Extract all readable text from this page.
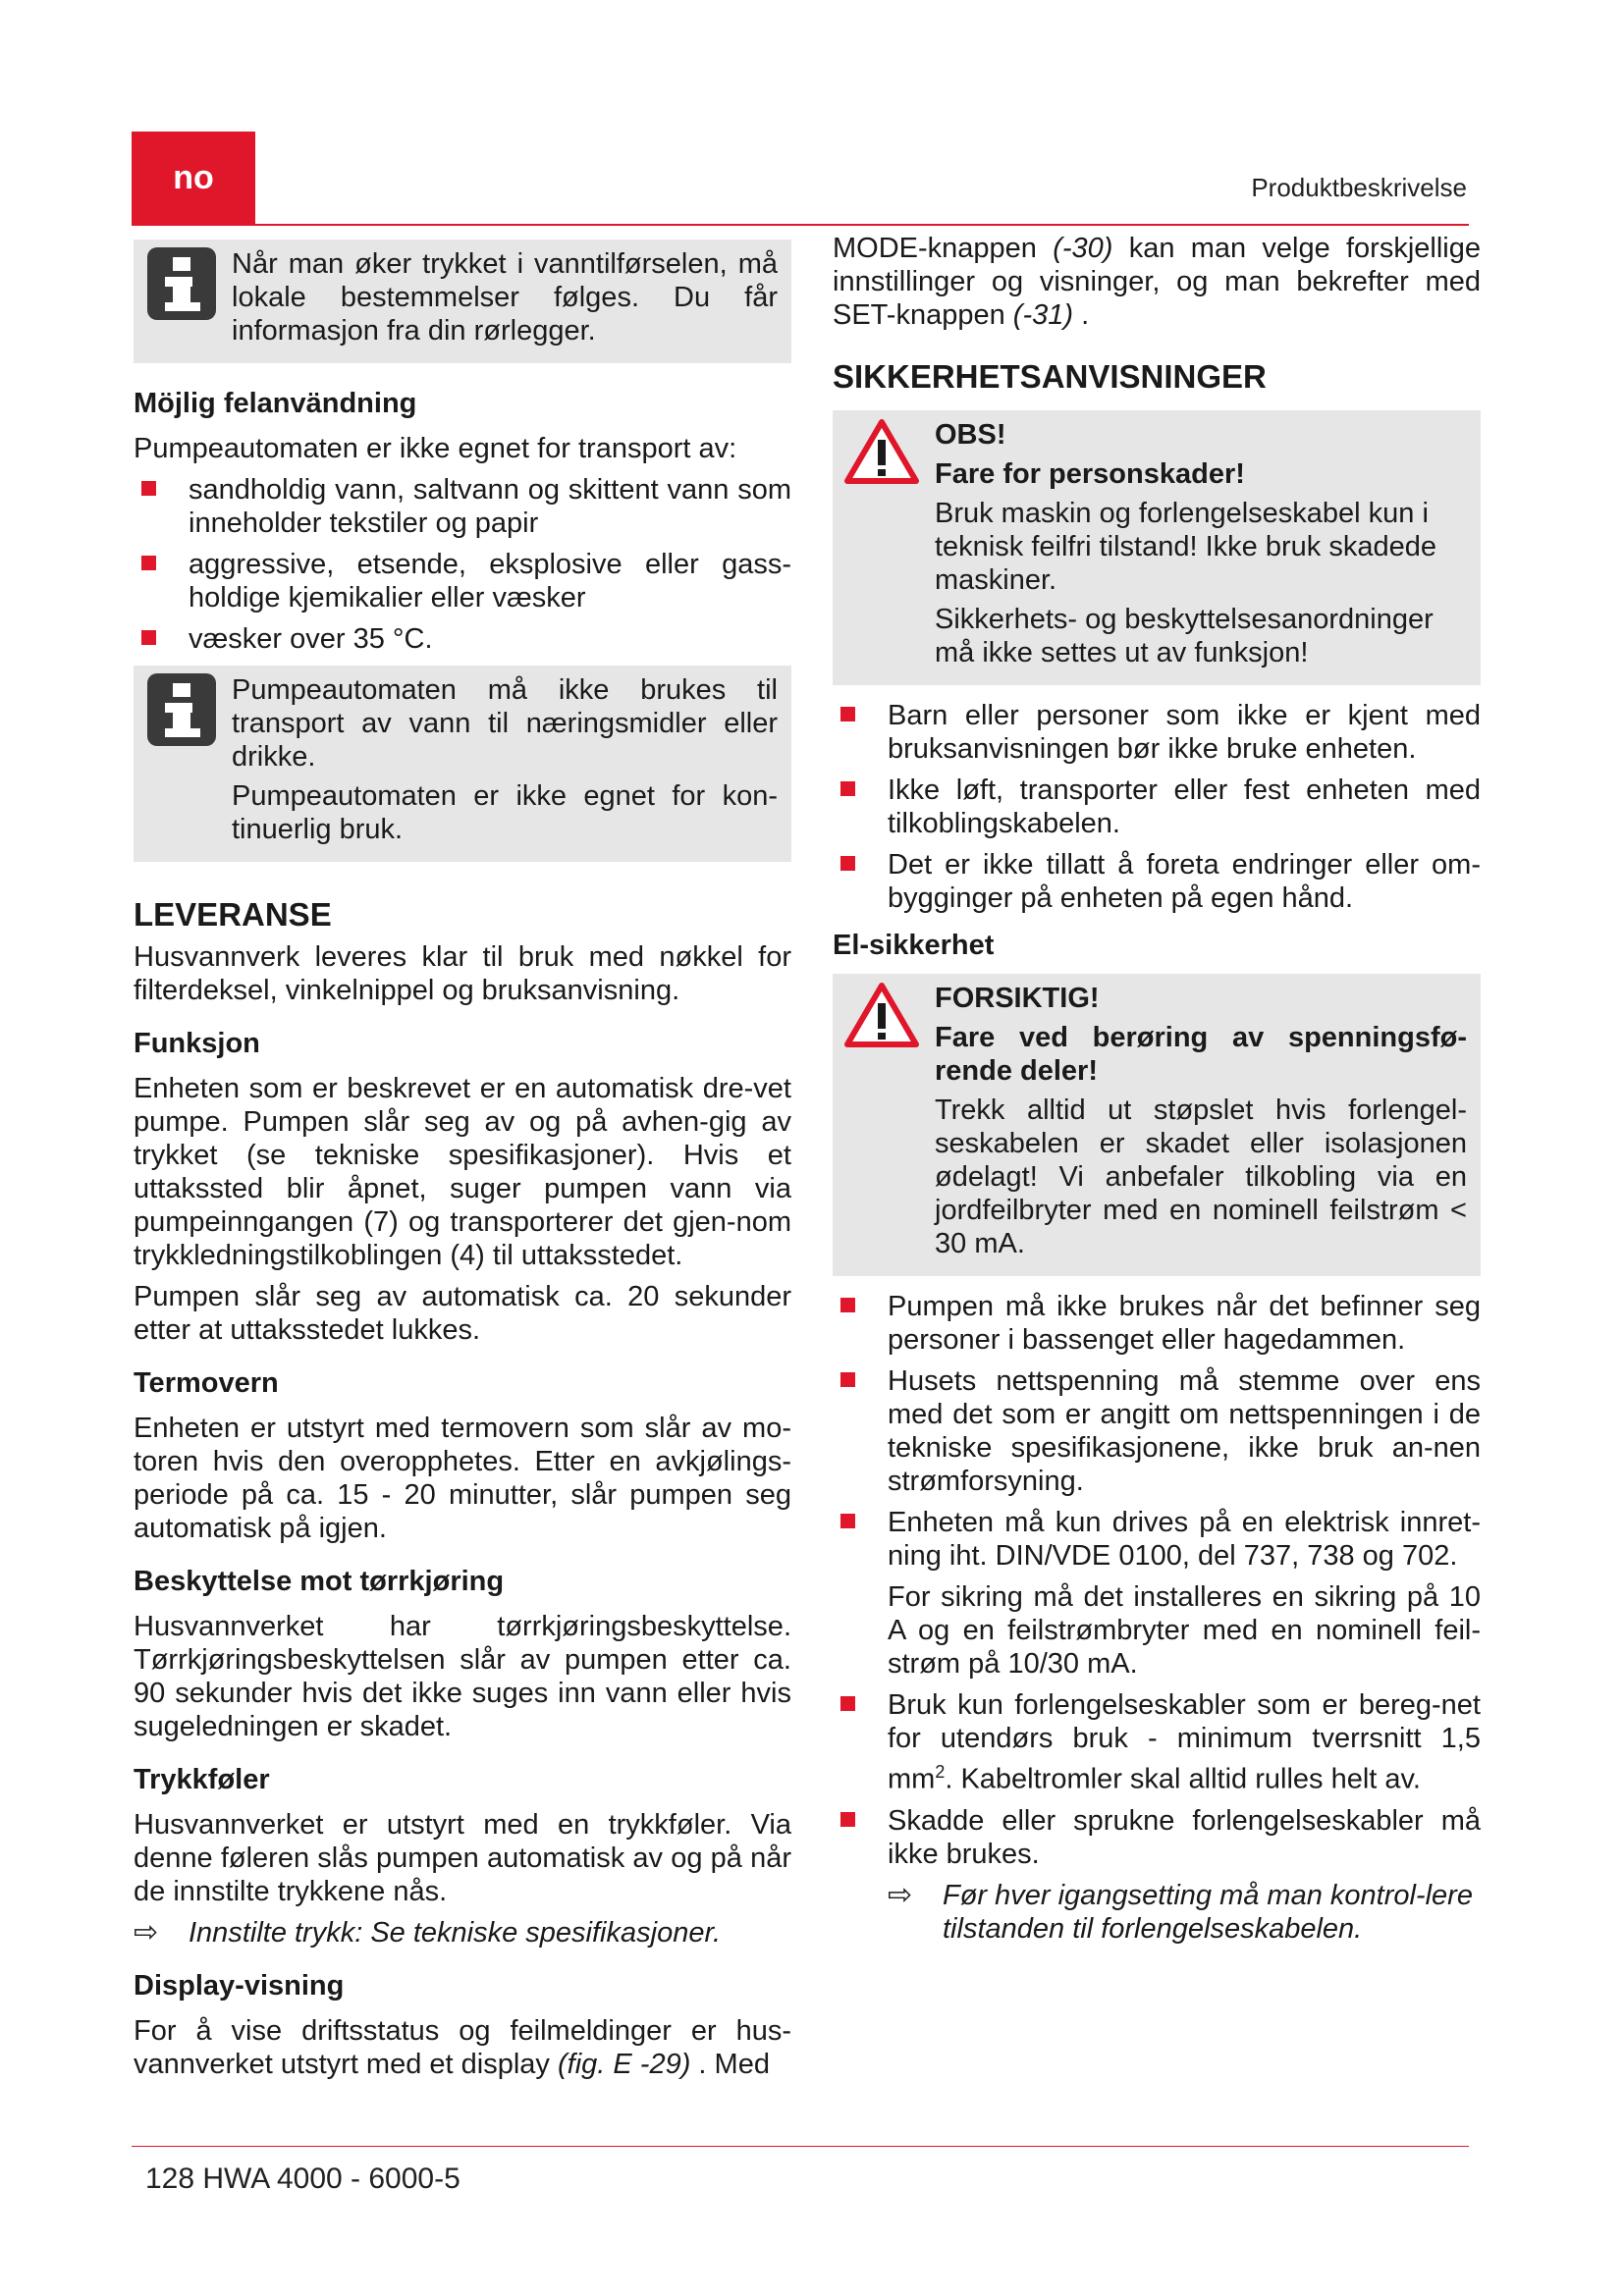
no	Produktbeskrivelse

Når man øker trykket i vanntilførselen, må lokale bestemmelser følges. Du får informasjon fra din rørlegger.

Möjlig felanvändning

Pumpeautomaten er ikke egnet for transport av:

sandholdig vann, saltvann og skittent vann som inneholder tekstiler og papir
aggressive, etsende, eksplosive eller gass-holdige kjemikalier eller væsker
væsker over 35 °C.

Pumpeautomaten må ikke brukes til transport av vann til næringsmidler eller drikke.

Pumpeautomaten er ikke egnet for kon-tinuerlig bruk.

LEVERANSE

Husvannverk leveres klar til bruk med nøkkel for filterdeksel, vinkelnippel og bruksanvisning.

Funksjon

Enheten som er beskrevet er en automatisk dre-vet pumpe. Pumpen slår seg av og på avhen-gig av trykket (se tekniske spesifikasjoner). Hvis et uttakssted blir åpnet, suger pumpen vann via pumpeinngangen (7) og transporterer det gjen-nom trykkledningstilkoblingen (4) til uttaksstedet.

Pumpen slår seg av automatisk ca. 20 sekunder etter at uttaksstedet lukkes.

Termovern

Enheten er utstyrt med termovern som slår av mo-toren hvis den overopphetes. Etter en avkjølings-periode på ca. 15 - 20 minutter, slår pumpen seg automatisk på igjen.

Beskyttelse mot tørrkjøring

Husvannverket har tørrkjøringsbeskyttelse. Tørrkjøringsbeskyttelsen slår av pumpen etter ca. 90 sekunder hvis det ikke suges inn vann eller hvis sugeledningen er skadet.

Trykkføler

Husvannverket er utstyrt med en trykkføler. Via denne føleren slås pumpen automatisk av og på når de innstilte trykkene nås.

⇨ Innstilte trykk: Se tekniske spesifikasjoner.
Display-visning

For å vise driftsstatus og feilmeldinger er hus-vannverket utstyrt med et display (fig. E -29) . Med

MODE-knappen (-30) kan man velge forskjellige innstillinger og visninger, og man bekrefter med SET-knappen (-31) .

SIKKERHETSANVISNINGER

OBS!

Fare for personskader!

Bruk maskin og forlengelseskabel kun i teknisk feilfri tilstand! Ikke bruk skadede maskiner.

Sikkerhets- og beskyttelsesanordninger må ikke settes ut av funksjon!

Barn eller personer som ikke er kjent med bruksanvisningen bør ikke bruke enheten.
Ikke løft, transporter eller fest enheten med tilkoblingskabelen.
Det er ikke tillatt å foreta endringer eller om-bygginger på enheten på egen hånd.
El-sikkerhet

FORSIKTIG!

Fare ved berøring av spenningsfø-rende deler!

Trekk alltid ut støpslet hvis forlengel-seskabelen er skadet eller isolasjonen ødelagt! Vi anbefaler tilkobling via en jordfeilbryter med en nominell feilstrøm < 30 mA.

Pumpen må ikke brukes når det befinner seg personer i bassenget eller hagedammen.
Husets nettspenning må stemme over ens med det som er angitt om nettspenningen i de tekniske spesifikasjonene, ikke bruk an-nen strømforsyning.
Enheten må kun drives på en elektrisk innret-ning iht. DIN/VDE 0100, del 737, 738 og 702.
For sikring må det installeres en sikring på 10 A og en feilstrømbryter med en nominell feil-strøm på 10/30 mA.
Bruk kun forlengelseskabler som er bereg-net for utendørs bruk - minimum tverrsnitt 1,5 $mm^2$. Kabeltromler skal alltid rulles helt av.
Skadde eller sprukne forlengelseskabler må ikke brukes.
⇨ Før hver igangsetting må man kontrol-lere tilstanden til forlengelseskabelen.
128 HWA 4000 - 6000-5
